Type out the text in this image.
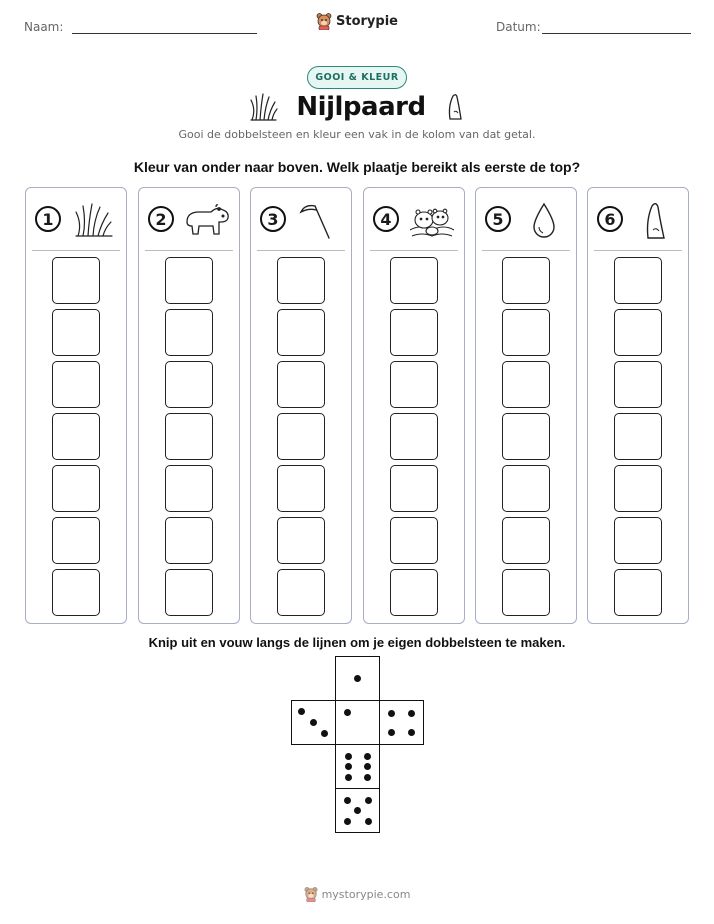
Naam:	Datum:
Storypie
GOOI & KLEUR
Nijlpaard
Gooi de dobbelsteen en kleur een vak in de kolom van dat getal.
Kleur van onder naar boven. Welk plaatje bereikt als eerste de top?
1	2	3	4	5	6
Knip uit en vouw langs de lijnen om je eigen dobbelsteen te maken.
mystorypie.com
